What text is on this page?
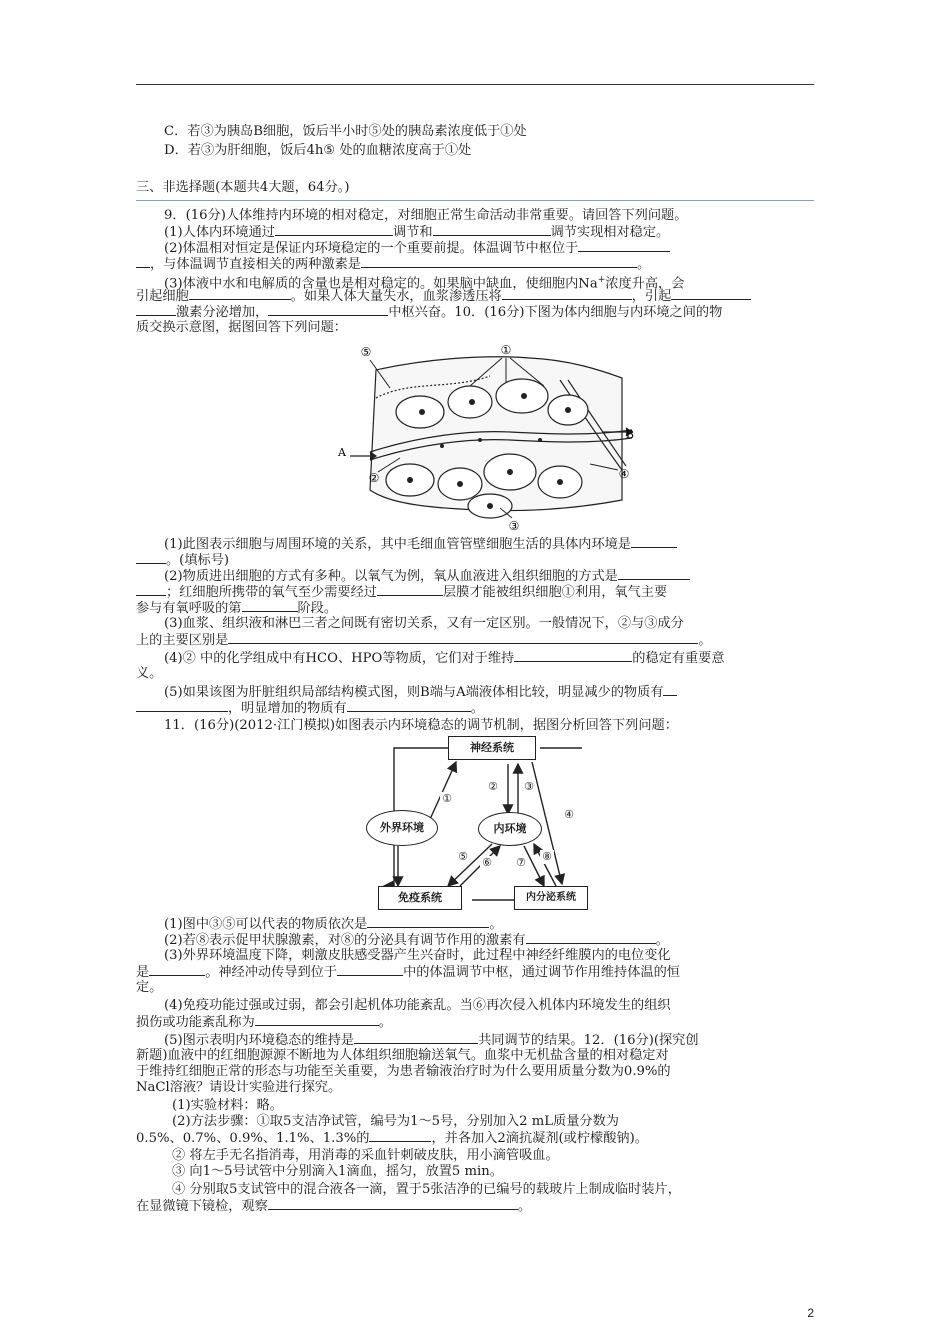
C．若③为胰岛B细胞，饭后半小时⑤处的胰岛素浓度低于①处
D．若③为肝细胞，饭后4h⑤ 处的血糖浓度高于①处
三、非选择题(本题共4大题，64分。)
9．(16分)人体维持内环境的相对稳定，对细胞正常生命活动非常重要。请回答下列问题。
(1)人体内环境通过	调节和	调节实现相对稳定。
(2)体温相对恒定是保证内环境稳定的一个重要前提。体温调节中枢位于
，与体温调节直接相关的两种激素是	。
(3)体液中水和电解质的含量也是相对稳定的。如果脑中缺血，使细胞内Na+浓度升高，会
引起细胞	。如果人体大量失水，血浆渗透压将	，引起
激素分泌增加，	中枢兴奋。10．(16分)下图为体内细胞与内环境之间的物
质交换示意图，据图回答下列问题：
①
⑤
A
B
②	④
③
(1)此图表示细胞与周围环境的关系，其中毛细血管管壁细胞生活的具体内环境是
。(填标号)
(2)物质进出细胞的方式有多种。以氧气为例，氧从血液进入组织细胞的方式是
；红细胞所携带的氧气至少需要经过	层膜才能被组织细胞①利用，氧气主要
参与有氧呼吸的第	阶段。
(3)血浆、组织液和淋巴三者之间既有密切关系，又有一定区别。一般情况下，②与③成分
上的主要区别是	。
(4)② 中的化学组成中有HCO、HPO等物质，它们对于维持	的稳定有重要意
义。
(5)如果该图为肝脏组织局部结构模式图，则B端与A端液体相比较，明显减少的物质有
，明显增加的物质有	。
11．(16分)(2012·江门模拟)如图表示内环境稳态的调节机制，据图分析回答下列问题：
神经系统
外界环境	内环境
免疫系统	内分泌系统
①
② ③
④
⑤ ⑥ ⑦ ⑧
(1)图中③⑤可以代表的物质依次是	。
(2)若⑧表示促甲状腺激素，对⑧的分泌具有调节作用的激素有	。
(3)外界环境温度下降，刺激皮肤感受器产生兴奋时，此过程中神经纤维膜内的电位变化
是	。神经冲动传导到位于	中的体温调节中枢，通过调节作用维持体温的恒
定。
(4)免疫功能过强或过弱，都会引起机体功能紊乱。当⑥再次侵入机体内环境发生的组织
损伤或功能紊乱称为	。
(5)图示表明内环境稳态的维持是	共同调节的结果。12．(16分)(探究创
新题)血液中的红细胞源源不断地为人体组织细胞输送氧气。血浆中无机盐含量的相对稳定对
于维持红细胞正常的形态与功能至关重要，为患者输液治疗时为什么要用质量分数为0.9%的
NaCl溶液？请设计实验进行探究。
(1)实验材料：略。
(2)方法步骤：①取5支洁净试管，编号为1～5号，分别加入2 mL质量分数为
0.5%、0.7%、0.9%、1.1%、1.3%的	，并各加入2滴抗凝剂(或柠檬酸钠)。
② 将左手无名指消毒，用消毒的采血针刺破皮肤，用小滴管吸血。
③ 向1～5号试管中分别滴入1滴血，摇匀，放置5 min。
④ 分别取5支试管中的混合液各一滴，置于5张洁净的已编号的载玻片上制成临时装片，
在显微镜下镜检，观察	。
2
